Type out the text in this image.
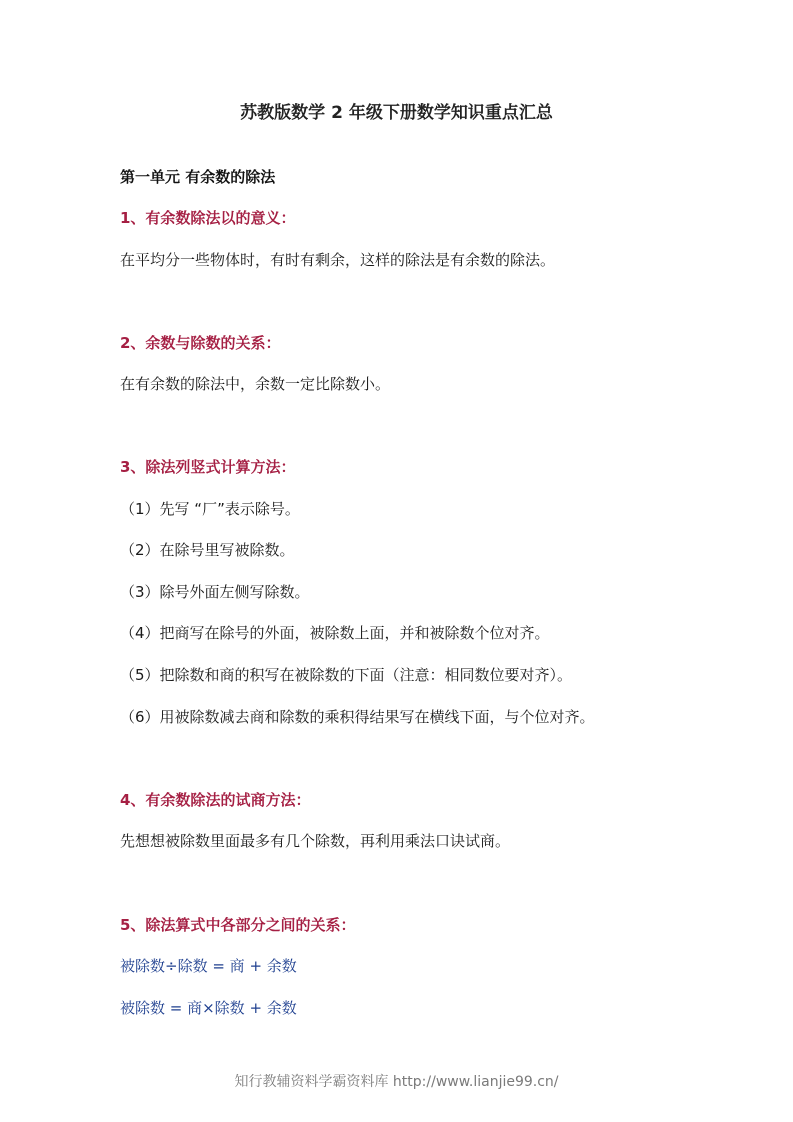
苏教版数学 2 年级下册数学知识重点汇总

第一单元 有余数的除法

1、有余数除法以的意义：

在平均分一些物体时，有时有剩余，这样的除法是有余数的除法。

2、余数与除数的关系：

在有余数的除法中，余数一定比除数小。

3、除法列竖式计算方法：

（1）先写 “厂”表示除号。

（2）在除号里写被除数。

（3）除号外面左侧写除数。

（4）把商写在除号的外面，被除数上面，并和被除数个位对齐。

（5）把除数和商的积写在被除数的下面（注意：相同数位要对齐）。

（6）用被除数减去商和除数的乘积得结果写在横线下面，与个位对齐。

4、有余数除法的试商方法：

先想想被除数里面最多有几个除数，再利用乘法口诀试商。

5、除法算式中各部分之间的关系：

被除数÷除数 = 商 + 余数

被除数 = 商×除数 + 余数

知行教辅资料学霸资料库 http://www.lianjie99.cn/
